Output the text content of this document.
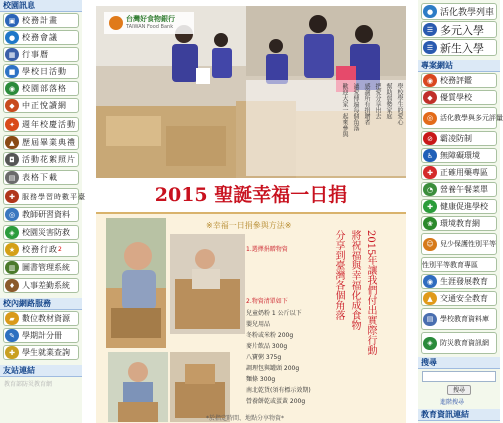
校園訊息
▣ 校務計畫
● 校務會議
▦ 行事曆
■ 學校日活動
◉ 校園部落格
◆ 中正悅讀網
✦ 週年校慶活動
▲ 歷屆畢業典禮
◘ 活動花絮照片
▤ 表格下載
✚	服務學習時數平臺
◎ 教師研習資料
◈ 校園災害防救
★ 校務行政 2
▥ 圖書管理系統
♦ 人事差勤系統
校內網路服務
▰ 數位教材資源
✎ 學期計分冊
✚ 學生就業查詢
友站連結
教育部防災教育網
台灣好食物銀行
TAIWAN Food Bank
學校學生的愛心
幫助弱勢家庭
把愛分享出去
感謝所有捐贈者
讓愛傳遍每個角落
歡迎大家一起來參與
2015 聖誕幸福一日捐
※幸福一日捐參與方法※
1.選擇捐贈物資
2.物資清單如下
兒童奶粉 1 公斤以下
嬰兒用品
冬粉或米粉 200g
麥片飲品 300g
八寶粥 375g
調理包與罐頭 200g
麵條 300g
南北乾貨(須有標示效期)
營養餅乾或蛋黃 200g
2015年讓我們付出實際行動
將祝福與幸福化成食物
分享到臺灣各個角落
*於指定時間、地點分享物資*
● 活化教學列車
☰ 多元入學
☰ 新生入學
專案網站
◉ 校務評鑑
◆ 優質學校
◎ 活化教學與多元評量
⊘ 霸凌防制
♿ 無障礙環境
✚ 正確用藥專區
◔ 營養午餐菜單
✚ 健康促進學校
❀ 環境教育網
☺ 兒少保護性別平等
性別平等教育專區
◉ 生涯發展教育
▲ 交通安全教育
▤ 學校教育資料庫
◈	防災教育資訊網
搜尋
搜尋
進階搜尋
教育資訊連結
